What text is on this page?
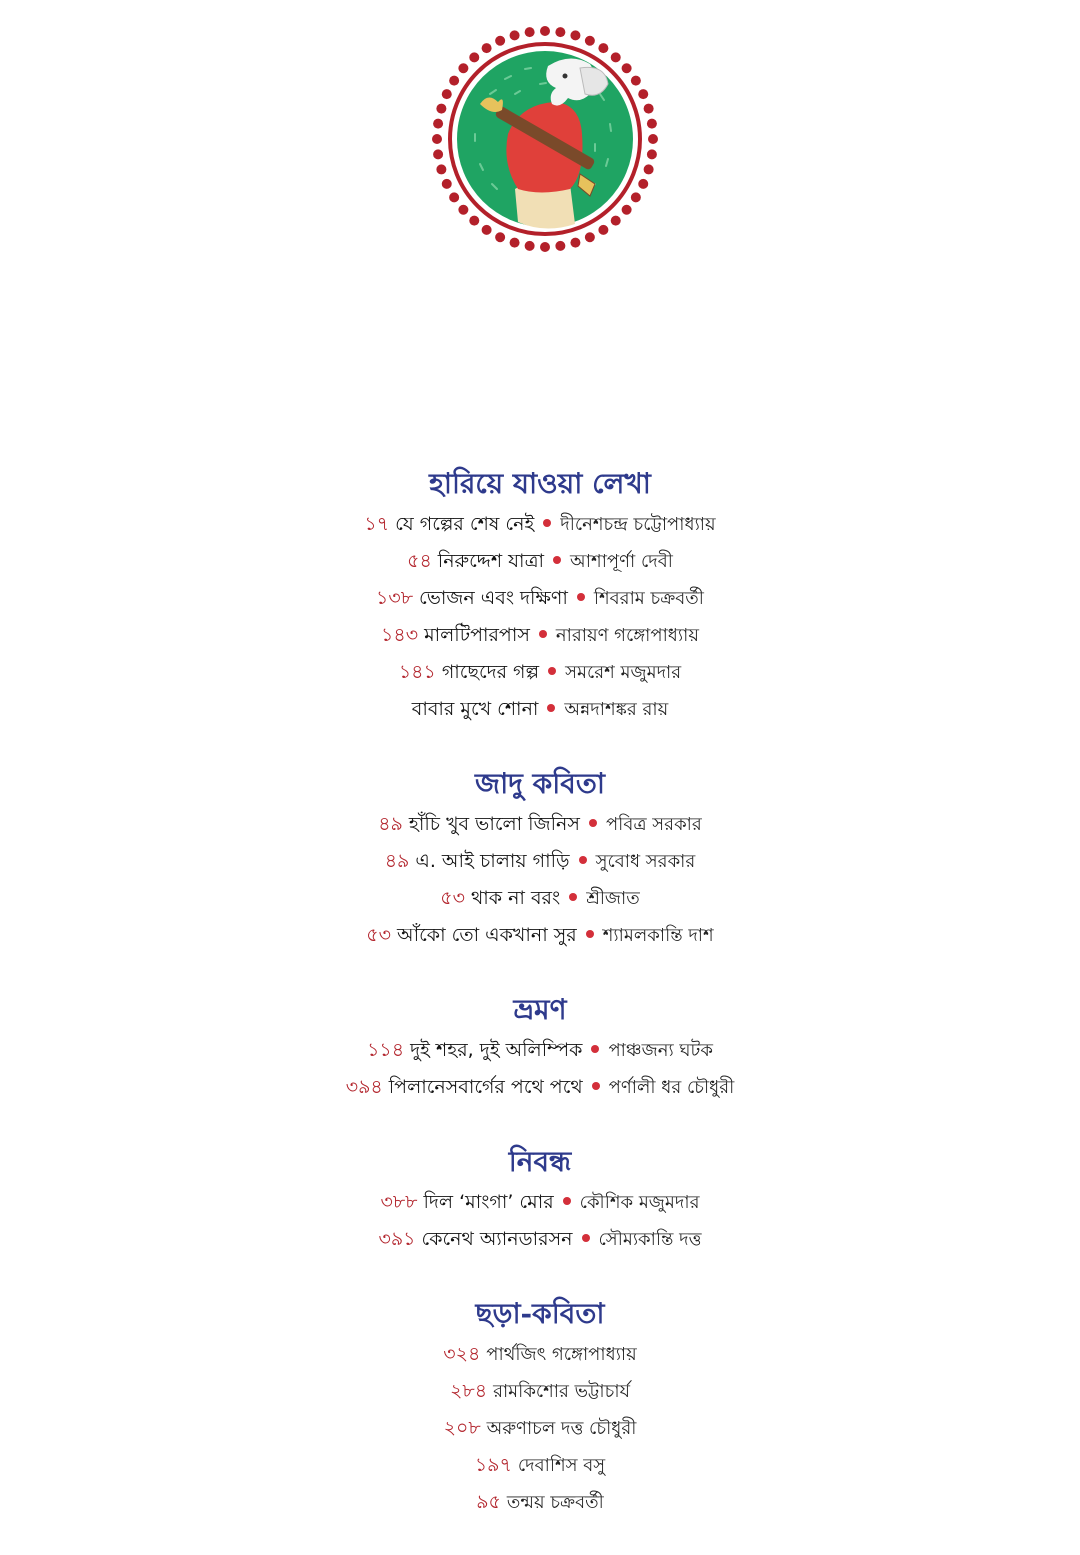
হারিয়ে যাওয়া লেখা
১৭ যে গল্পের শেষ নেই দীনেশচন্দ্র চট্টোপাধ্যায়
৫৪ নিরুদ্দেশ যাত্রা আশাপূর্ণা দেবী
১৩৮ ভোজন এবং দক্ষিণা শিবরাম চক্রবর্তী
১৪৩ মালটিপারপাস নারায়ণ গঙ্গোপাধ্যায়
১৪১ গাছেদের গল্প সমরেশ মজুমদার
বাবার মুখে শোনা অন্নদাশঙ্কর রায়
জাদু কবিতা
৪৯ হাঁচি খুব ভালো জিনিস পবিত্র সরকার
৪৯ এ. আই চালায় গাড়ি সুবোধ সরকার
৫৩ থাক না বরং শ্রীজাত
৫৩ আঁকো তো একখানা সুর শ্যামলকান্তি দাশ
ভ্রমণ
১১৪ দুই শহর, দুই অলিম্পিক পাঞ্চজন্য ঘটক
৩৯৪ পিলানেসবার্গের পথে পথে পর্ণালী ধর চৌধুরী
নিবন্ধ
৩৮৮ দিল ‘মাংগা’ মোর কৌশিক মজুমদার
৩৯১ কেনেথ অ্যানডারসন সৌম্যকান্তি দত্ত
ছড়া-কবিতা
৩২৪ পার্থজিৎ গঙ্গোপাধ্যায়
২৮৪ রামকিশোর ভট্টাচার্য
২০৮ অরুণাচল দত্ত চৌধুরী
১৯৭ দেবাশিস বসু
৯৫ তন্ময় চক্রবর্তী
